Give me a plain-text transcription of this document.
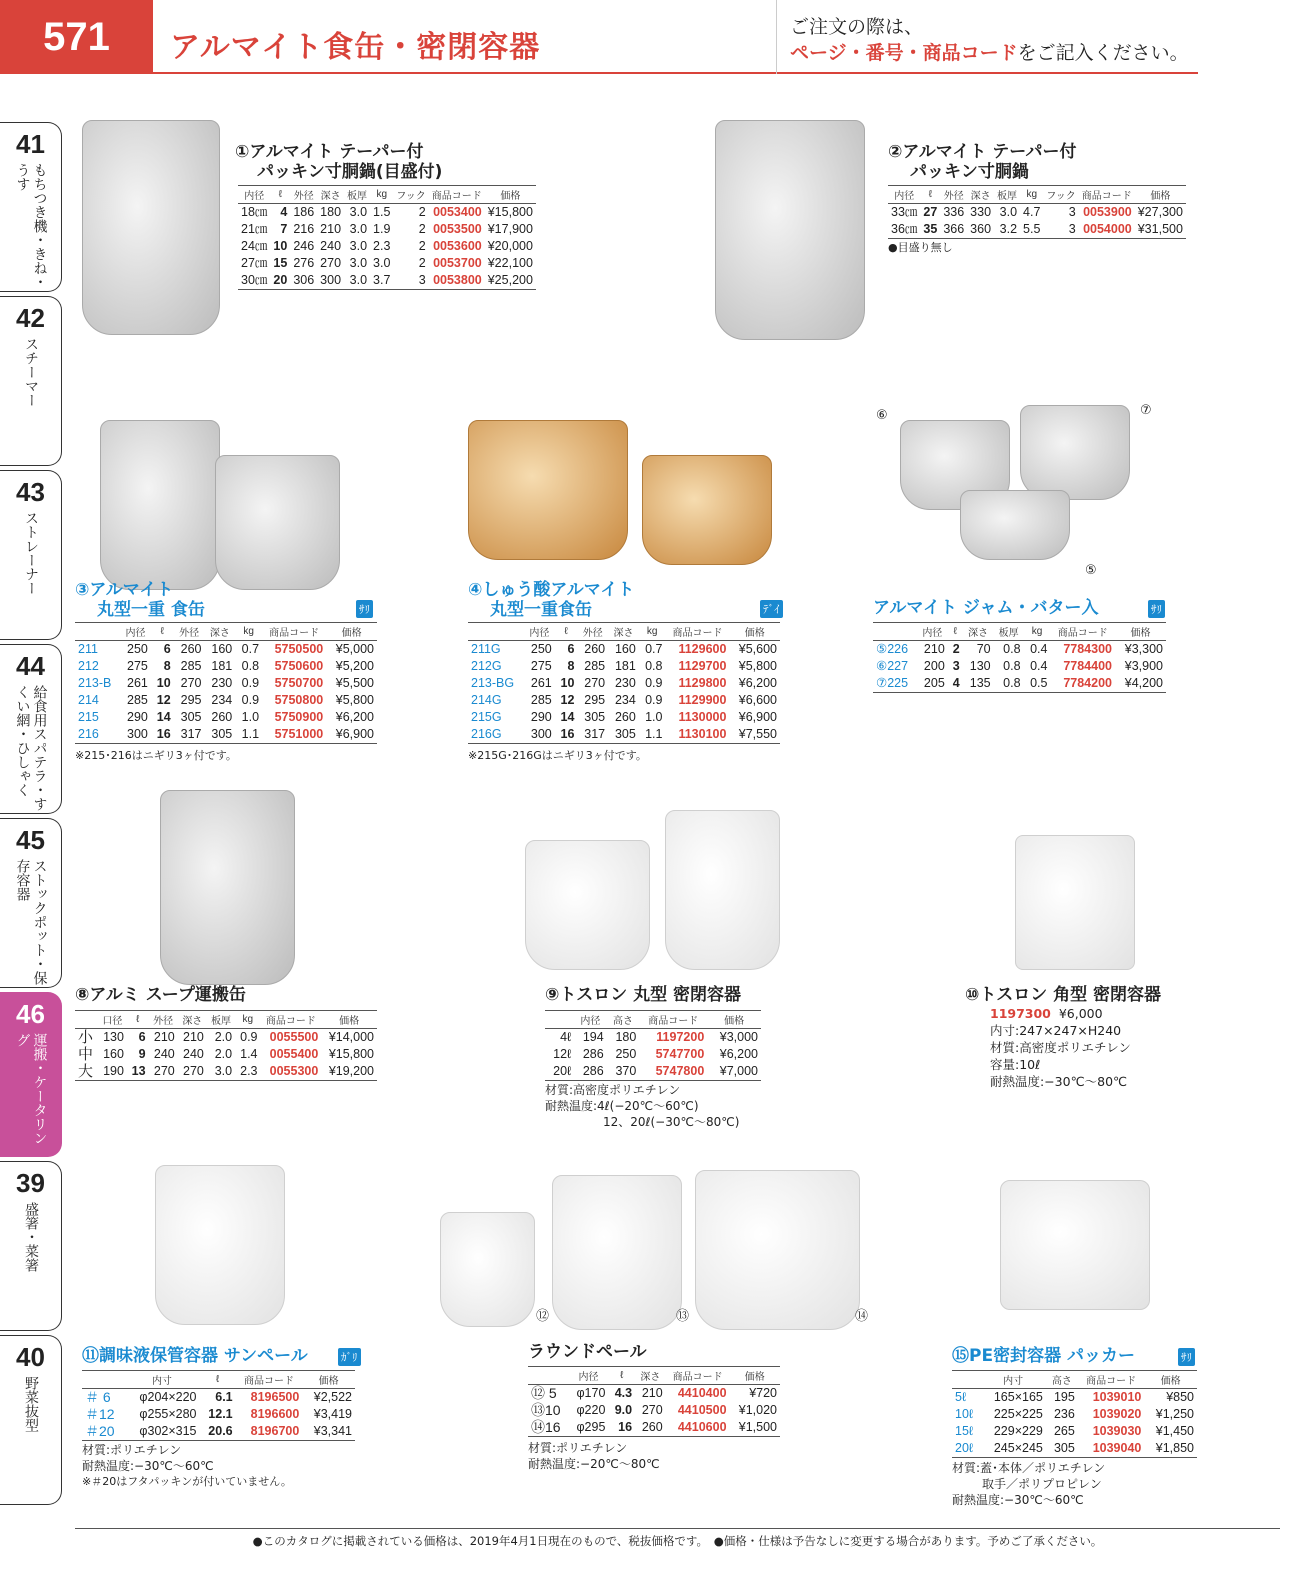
571	アルマイト食缶・密閉容器
ご注文の際は、
ページ・番号・商品コードをご記入ください。
41
もちつき機・きね・うす
42
スチーマー
43
ストレーナー
44
給食用スパテラ・すくい網・ひしゃく
45
ストックポット・保存容器
46
運搬・ケータリング
39
盛箸・菜箸
40
野菜抜型
①アルマイト テーパー付
パッキン寸胴鍋(目盛付)
内径	ℓ	外径	深さ	板厚	kg	フック	商品コード	価格
18㎝	4	186	180	3.0	1.5	2	0053400	¥15,800
21㎝	7	216	210	3.0	1.9	2	0053500	¥17,900
24㎝	10	246	240	3.0	2.3	2	0053600	¥20,000
27㎝	15	276	270	3.0	3.0	2	0053700	¥22,100
30㎝	20	306	300	3.0	3.7	3	0053800	¥25,200
②アルマイト テーパー付
パッキン寸胴鍋
内径	ℓ	外径	深さ	板厚	kg	フック	商品コード	価格
33㎝	27	336	330	3.0	4.7	3	0053900	¥27,300
36㎝	35	366	360	3.2	5.5	3	0054000	¥31,500
●目盛り無し
③アルマイト
丸型一重 食缶	ｻﾘ
	内径	ℓ	外径	深さ	kg	商品コード	価格
211	250	6	260	160	0.7	5750500	¥5,000
212	275	8	285	181	0.8	5750600	¥5,200
213-B	261	10	270	230	0.9	5750700	¥5,500
214	285	12	295	234	0.9	5750800	¥5,800
215	290	14	305	260	1.0	5750900	¥6,200
216	300	16	317	305	1.1	5751000	¥6,900
※215･216はニギリ3ヶ付です。
④しゅう酸アルマイト
丸型一重食缶	ﾃﾞｲ
	内径	ℓ	外径	深さ	kg	商品コード	価格
211G	250	6	260	160	0.7	1129600	¥5,600
212G	275	8	285	181	0.8	1129700	¥5,800
213-BG	261	10	270	230	0.9	1129800	¥6,200
214G	285	12	295	234	0.9	1129900	¥6,600
215G	290	14	305	260	1.0	1130000	¥6,900
216G	300	16	317	305	1.1	1130100	¥7,550
※215G･216Gはニギリ3ヶ付です。
⑥	⑦
⑤
アルマイト ジャム・バター入	ｻﾘ
	内径	ℓ	深さ	板厚	kg	商品コード	価格
⑤226	210	2	70	0.8	0.4	7784300	¥3,300
⑥227	200	3	130	0.8	0.4	7784400	¥3,900
⑦225	205	4	135	0.8	0.5	7784200	¥4,200
⑧アルミ スープ運搬缶
	口径	ℓ	外径	深さ	板厚	kg	商品コード	価格
小	130	6	210	210	2.0	0.9	0055500	¥14,000
中	160	9	240	240	2.0	1.4	0055400	¥15,800
大	190	13	270	270	3.0	2.3	0055300	¥19,200
⑨トスロン 丸型 密閉容器
	内径	高さ	商品コード	価格
4ℓ	194	180	1197200	¥3,000
12ℓ	286	250	5747700	¥6,200
20ℓ	286	370	5747800	¥7,000
材質:高密度ポリエチレン
耐熱温度:4ℓ(−20℃〜60℃)
12、20ℓ(−30℃〜80℃)
⑩トスロン 角型 密閉容器
1197300 ¥6,000
内寸:247×247×H240
材質:高密度ポリエチレン
容量:10ℓ
耐熱温度:−30℃〜80℃
⑪調味液保管容器 サンペール	ｶﾞﾘ
	内寸	ℓ	商品コード	価格
＃ 6	φ204×220	6.1	8196500	¥2,522
＃12	φ255×280	12.1	8196600	¥3,419
＃20	φ302×315	20.6	8196700	¥3,341
材質:ポリエチレン
耐熱温度:−30℃〜60℃
※＃20はフタパッキンが付いていません。
⑫	⑬	⑭
ラウンドペール
	内径	ℓ	深さ	商品コード	価格
⑫ 5	φ170	4.3	210	4410400	¥720
⑬10	φ220	9.0	270	4410500	¥1,020
⑭16	φ295	16	260	4410600	¥1,500
材質:ポリエチレン
耐熱温度:−20℃〜80℃
⑮PE密封容器 パッカー	ｻﾘ
	内寸	高さ	商品コード	価格
5ℓ	165×165	195	1039010	¥850
10ℓ	225×225	236	1039020	¥1,250
15ℓ	229×229	265	1039030	¥1,450
20ℓ	245×245	305	1039040	¥1,850
材質:蓋･本体／ポリエチレン
取手／ポリプロピレン
耐熱温度:−30℃〜60℃
●このカタログに掲載されている価格は、2019年4月1日現在のもので、税抜価格です。　●価格・仕様は予告なしに変更する場合があります。予めご了承ください。
